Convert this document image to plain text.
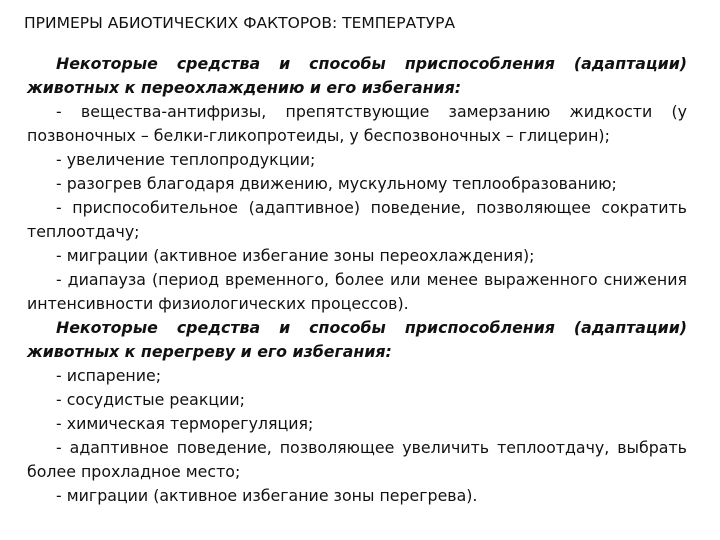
ПРИМЕРЫ АБИОТИЧЕСКИХ ФАКТОРОВ: ТЕМПЕРАТУРА

Некоторые средства и способы приспособления (адаптации) животных к переохлаждению и его избегания:

- вещества-антифризы, препятствующие замерзанию жидкости (у позвоночных – белки-гликопротеиды, у беспозвоночных – глицерин);

- увеличение теплопродукции;

- разогрев благодаря движению, мускульному теплообразованию;

- приспособительное (адаптивное) поведение, позволяющее сократить теплоотдачу;

- миграции (активное избегание зоны переохлаждения);

- диапауза (период временного, более или менее выраженного снижения интенсивности физиологических процессов).

Некоторые средства и способы приспособления (адаптации) животных к перегреву и его избегания:

- испарение;

- сосудистые реакции;

- химическая терморегуляция;

- адаптивное поведение, позволяющее увеличить теплоотдачу, выбрать более прохладное место;

- миграции (активное избегание зоны перегрева).
